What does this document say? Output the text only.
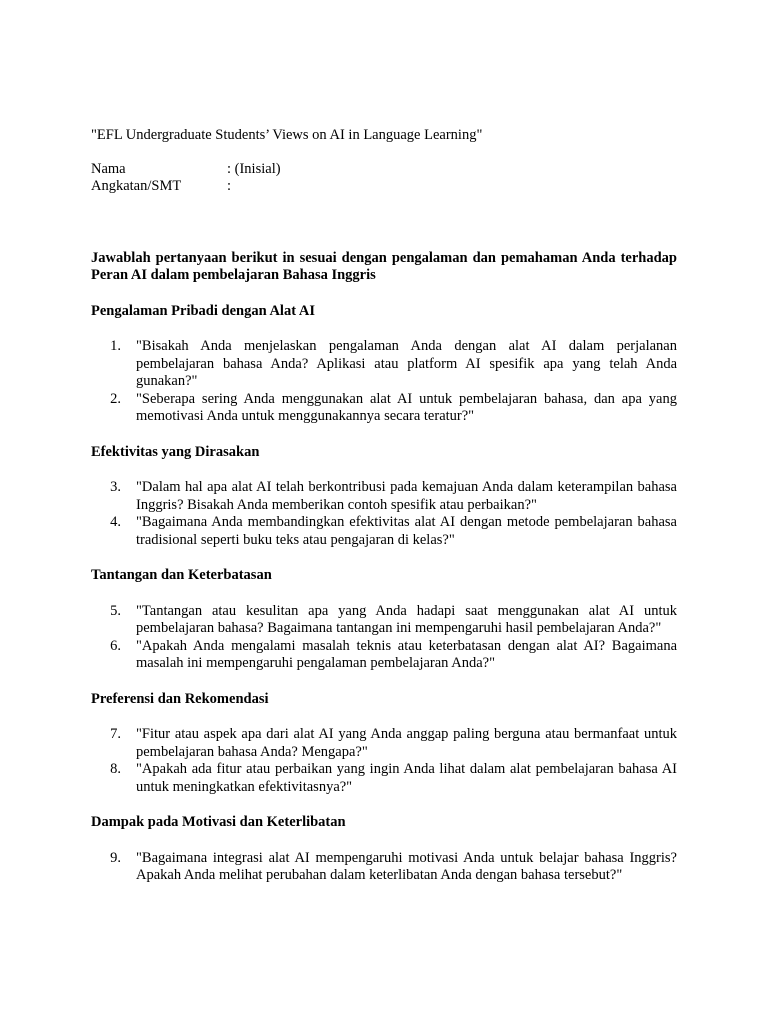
"EFL Undergraduate Students’ Views on AI in Language Learning"
Nama	: (Inisial)
Angkatan/SMT	:
Jawablah pertanyaan berikut in sesuai dengan pengalaman dan pemahaman Anda terhadap Peran AI dalam pembelajaran Bahasa Inggris
Pengalaman Pribadi dengan Alat AI
1.	"Bisakah Anda menjelaskan pengalaman Anda dengan alat AI dalam perjalanan pembelajaran bahasa Anda? Aplikasi atau platform AI spesifik apa yang telah Anda gunakan?"
2.	"Seberapa sering Anda menggunakan alat AI untuk pembelajaran bahasa, dan apa yang memotivasi Anda untuk menggunakannya secara teratur?"
Efektivitas yang Dirasakan
3.	"Dalam hal apa alat AI telah berkontribusi pada kemajuan Anda dalam keterampilan bahasa Inggris? Bisakah Anda memberikan contoh spesifik atau perbaikan?"
4.	"Bagaimana Anda membandingkan efektivitas alat AI dengan metode pembelajaran bahasa tradisional seperti buku teks atau pengajaran di kelas?"
Tantangan dan Keterbatasan
5.	"Tantangan atau kesulitan apa yang Anda hadapi saat menggunakan alat AI untuk pembelajaran bahasa? Bagaimana tantangan ini mempengaruhi hasil pembelajaran Anda?"
6.	"Apakah Anda mengalami masalah teknis atau keterbatasan dengan alat AI? Bagaimana masalah ini mempengaruhi pengalaman pembelajaran Anda?"
Preferensi dan Rekomendasi
7.	"Fitur atau aspek apa dari alat AI yang Anda anggap paling berguna atau bermanfaat untuk pembelajaran bahasa Anda? Mengapa?"
8.	"Apakah ada fitur atau perbaikan yang ingin Anda lihat dalam alat pembelajaran bahasa AI untuk meningkatkan efektivitasnya?"
Dampak pada Motivasi dan Keterlibatan
9.	"Bagaimana integrasi alat AI mempengaruhi motivasi Anda untuk belajar bahasa Inggris? Apakah Anda melihat perubahan dalam keterlibatan Anda dengan bahasa tersebut?"
